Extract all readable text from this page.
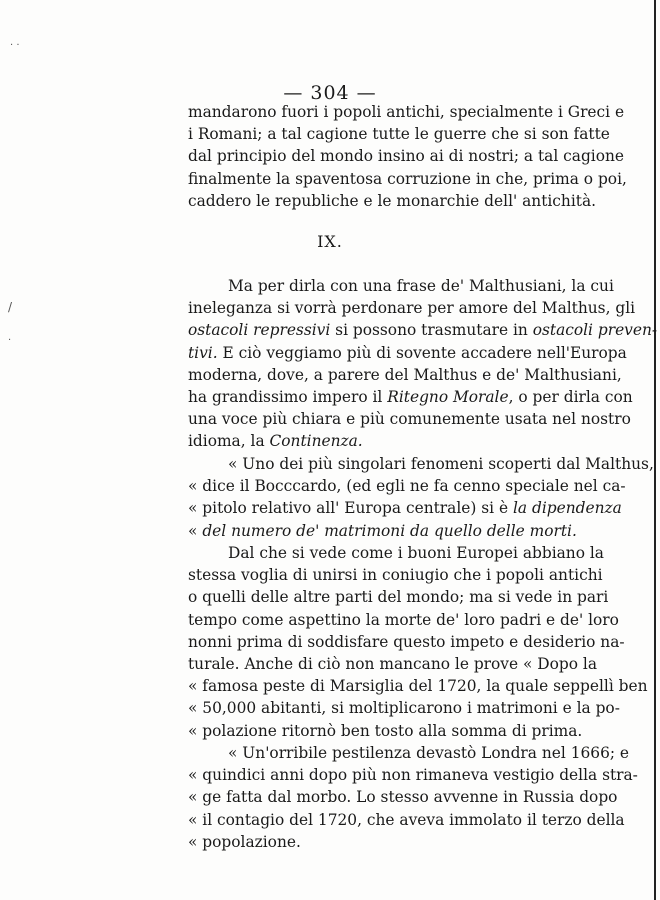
· ·
/
·
— 304 —
mandarono fuori i popoli antichi, specialmente i Greci e
i Romani; a tal cagione tutte le guerre che si son fatte
dal principio del mondo insino ai di nostri; a tal cagione
finalmente la spaventosa corruzione in che, prima o poi,
caddero le republiche e le monarchie dell' antichità.
IX.
Ma per dirla con una frase de' Malthusiani, la cui
ineleganza si vorrà perdonare per amore del Malthus, gli
ostacoli repressivi si possono trasmutare in ostacoli preven-
tivi. E ciò veggiamo più di sovente accadere nell'Europa
moderna, dove, a parere del Malthus e de' Malthusiani,
ha grandissimo impero il Ritegno Morale, o per dirla con
una voce più chiara e più comunemente usata nel nostro
idioma, la Continenza.
« Uno dei più singolari fenomeni scoperti dal Malthus,
« dice il Bocccardo, (ed egli ne fa cenno speciale nel ca-
« pitolo relativo all' Europa centrale) si è la dipendenza
« del numero de' matrimoni da quello delle morti.
Dal che si vede come i buoni Europei abbiano la
stessa voglia di unirsi in coniugio che i popoli antichi
o quelli delle altre parti del mondo; ma si vede in pari
tempo come aspettino la morte de' loro padri e de' loro
nonni prima di soddisfare questo impeto e desiderio na-
turale. Anche di ciò non mancano le prove « Dopo la
« famosa peste di Marsiglia del 1720, la quale seppellì ben
« 50,000 abitanti, si moltiplicarono i matrimoni e la po-
« polazione ritornò ben tosto alla somma di prima.
« Un'orribile pestilenza devastò Londra nel 1666; e
« quindici anni dopo più non rimaneva vestigio della stra-
« ge fatta dal morbo. Lo stesso avvenne in Russia dopo
« il contagio del 1720, che aveva immolato il terzo della
« popolazione.
